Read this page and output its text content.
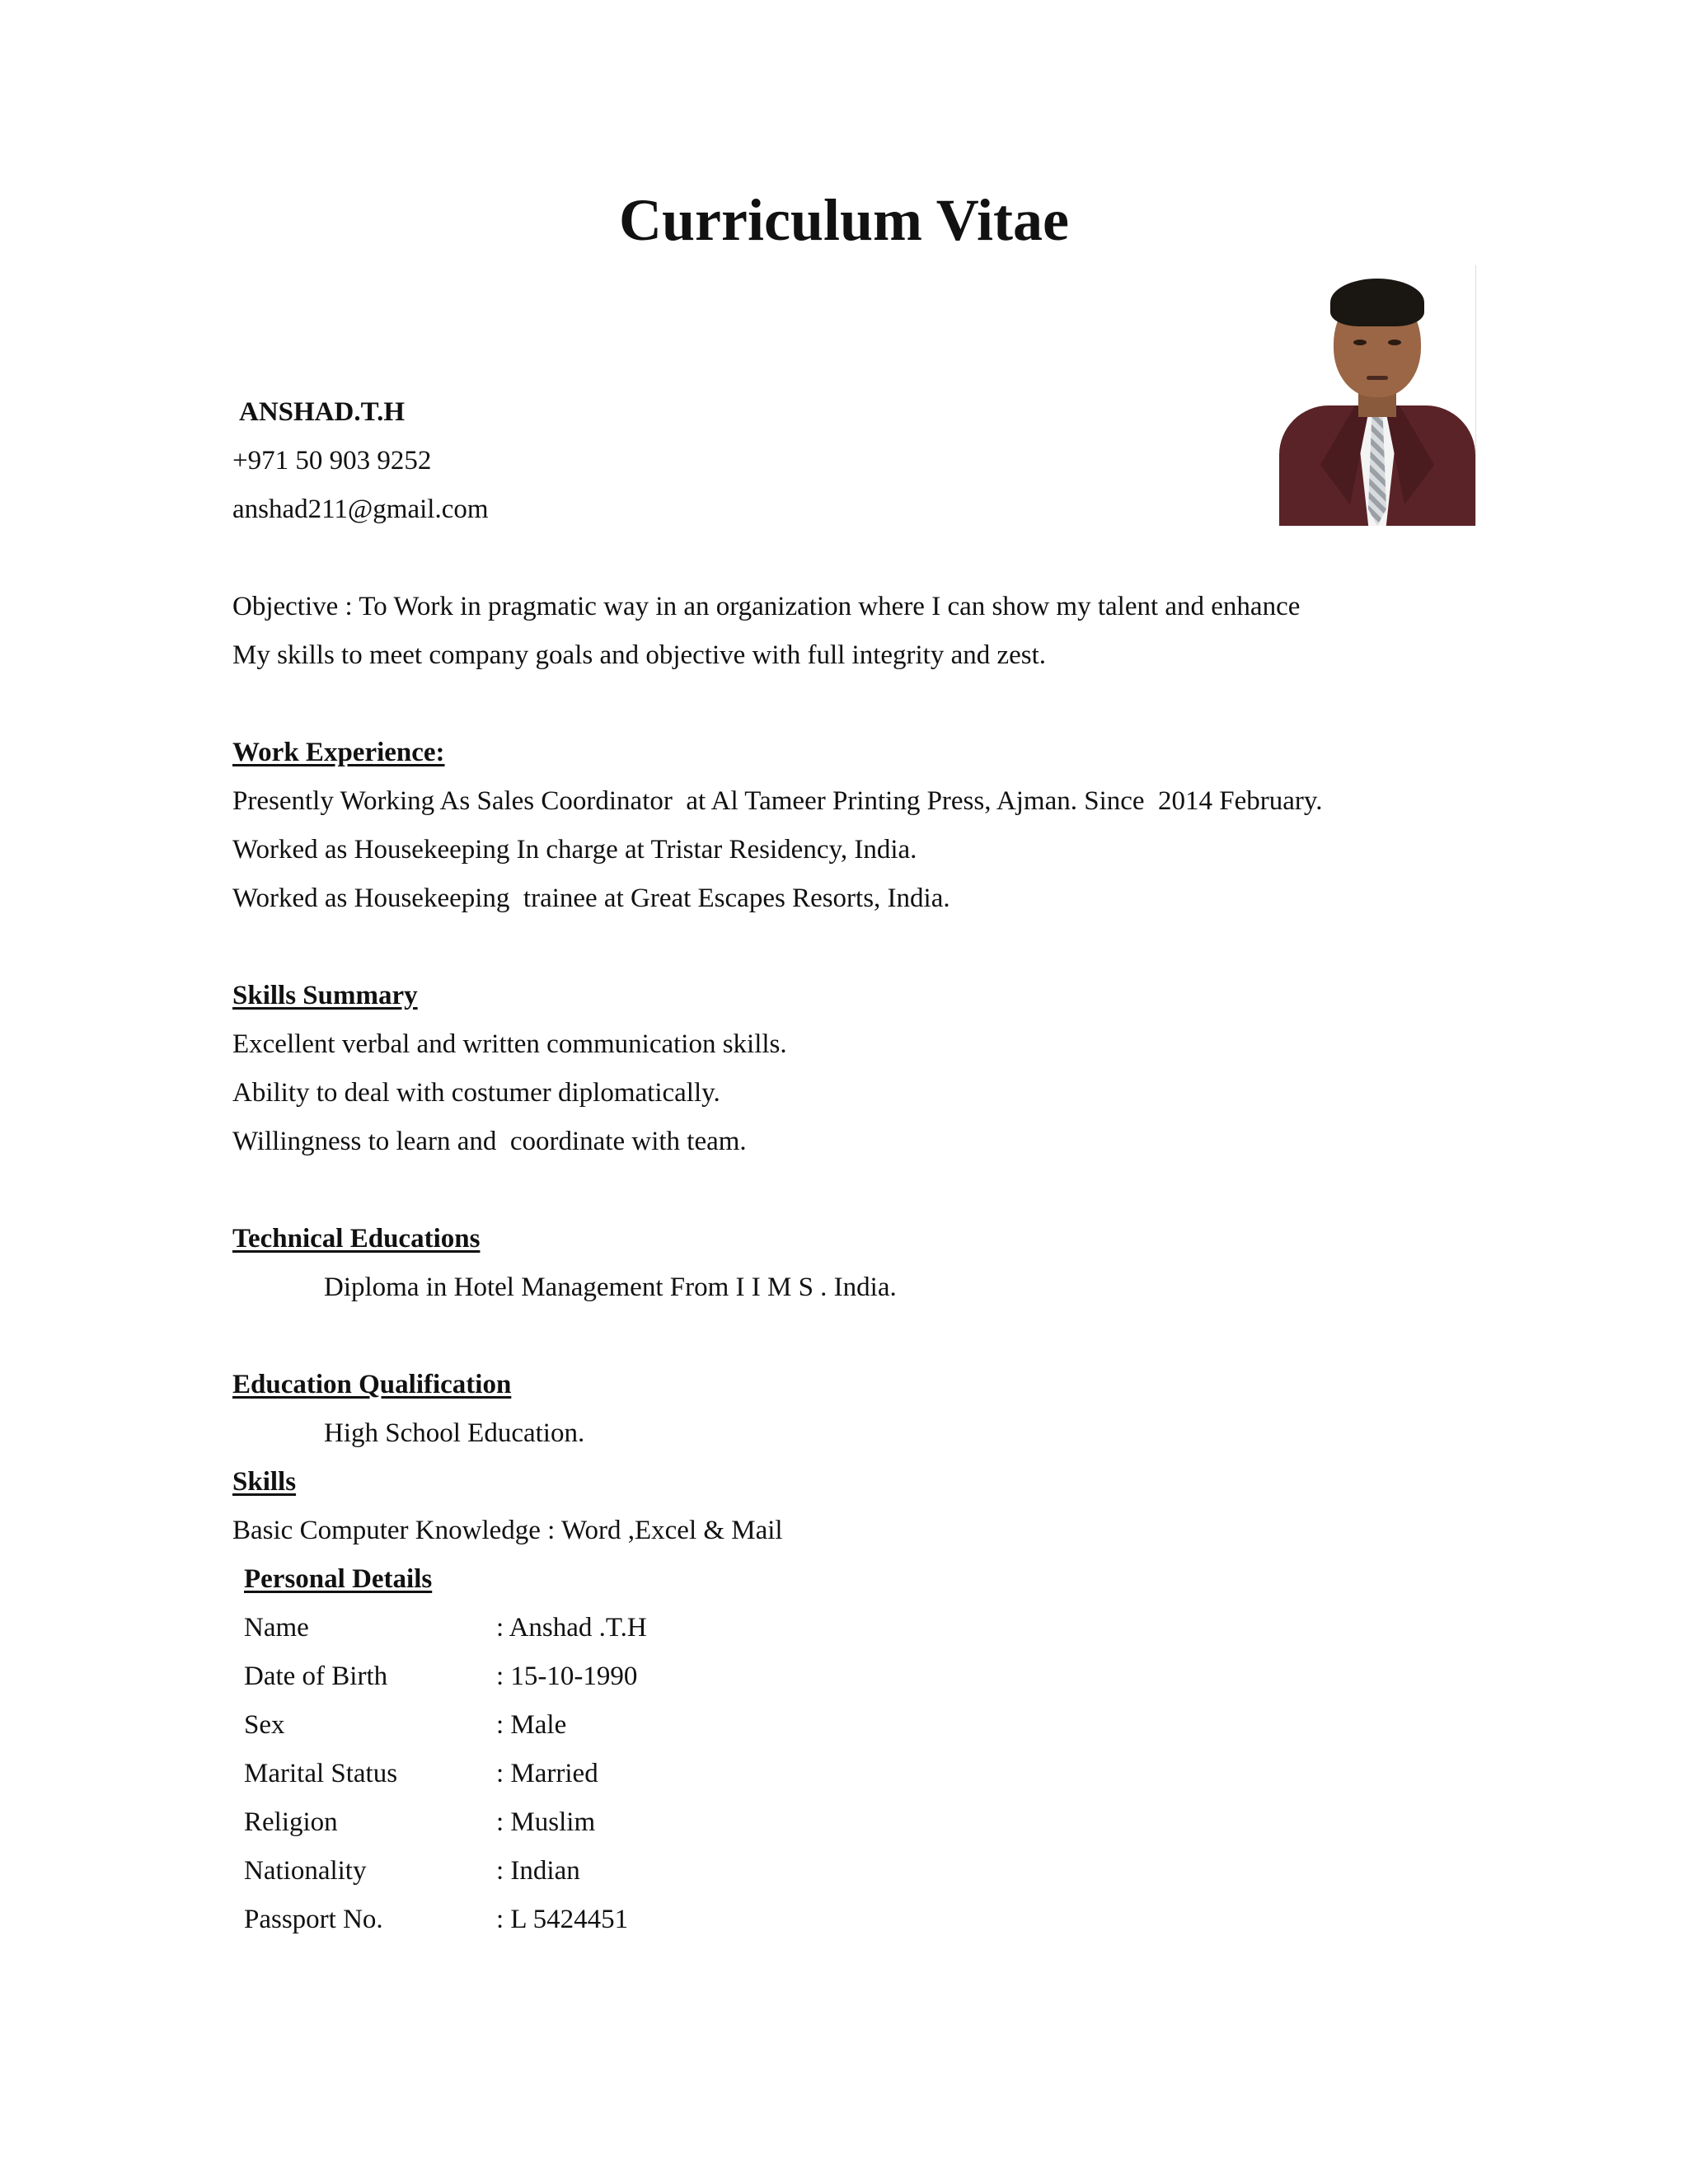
Curriculum Vitae
ANSHAD.T.H
+971 50 903 9252
anshad211@gmail.com
Objective : To Work in pragmatic way in an organization where I can show my talent and enhance
My skills to meet company goals and objective with full integrity and zest.
Work Experience:
Presently Working As Sales Coordinator  at Al Tameer Printing Press, Ajman. Since  2014 February.
Worked as Housekeeping In charge at Tristar Residency, India.
Worked as Housekeeping  trainee at Great Escapes Resorts, India.
Skills Summary
Excellent verbal and written communication skills.
Ability to deal with costumer diplomatically.
Willingness to learn and  coordinate with team.
Technical Educations
Diploma in Hotel Management From I I M S . India.
Education Qualification
High School Education.
Skills
Basic Computer Knowledge : Word ,Excel & Mail
Personal Details
Name	: Anshad .T.H
Date of Birth	: 15-10-1990
Sex	: Male
Marital Status	: Married
Religion	: Muslim
Nationality	: Indian
Passport No.	: L 5424451
